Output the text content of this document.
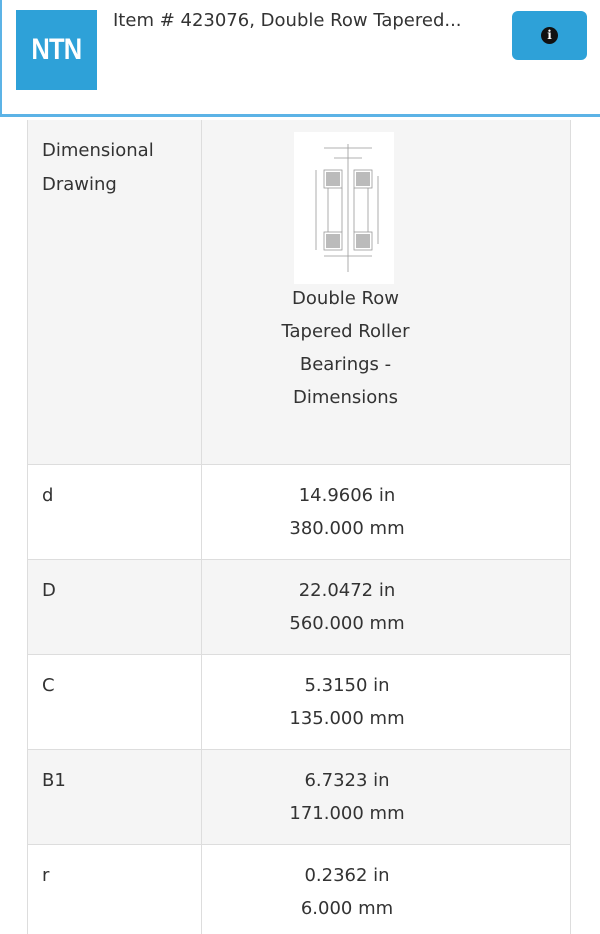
NTN
Item # 423076, Double Row Tapered...
i
Dimensional Drawing
d	14.9606 in
380.000 mm
D	22.0472 in
560.000 mm
C	5.3150 in
135.000 mm
B1	6.7323 in
171.000 mm
r	0.2362 in
6.000 mm
Double Row Tapered Roller Bearings - Dimensions
